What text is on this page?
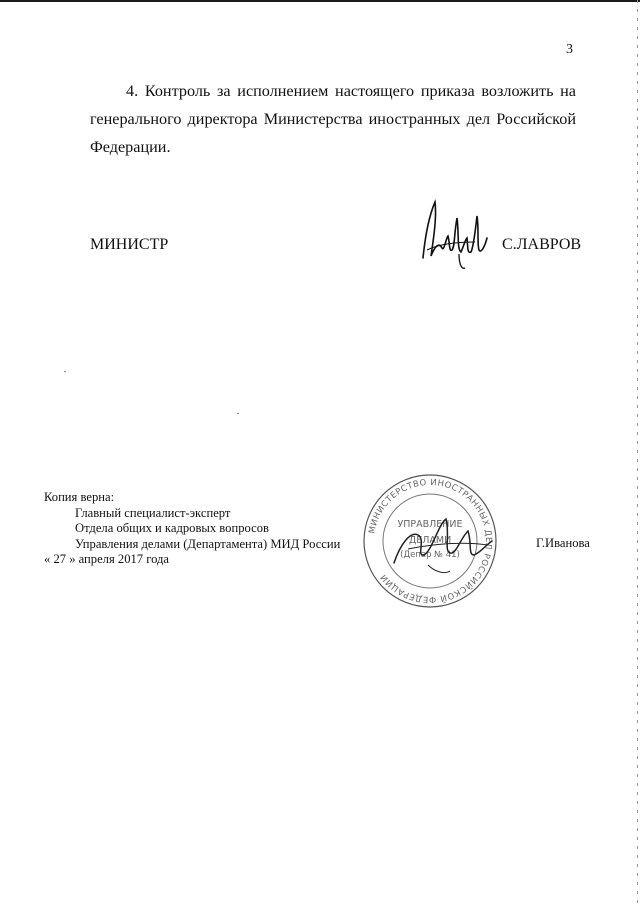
3

4. Контроль за исполнением настоящего приказа возложить на
генерального директора Министерства иностранных дел Российской
Федерации.

МИНИСТР	С.ЛАВРОВ
Копия верна:
Главный специалист-эксперт
Отдела общих и кадровых вопросов
Управления делами (Департамента) МИД России
« 27 » апреля 2017 года
МИНИСТЕРСТВО ИНОСТРАННЫХ ДЕЛ РОССИЙСКОЙ ФЕДЕРАЦИИ
УПРАВЛЕНИЕ
ДЕЛАМИ
(Депар № 41)
Г.Иванова
